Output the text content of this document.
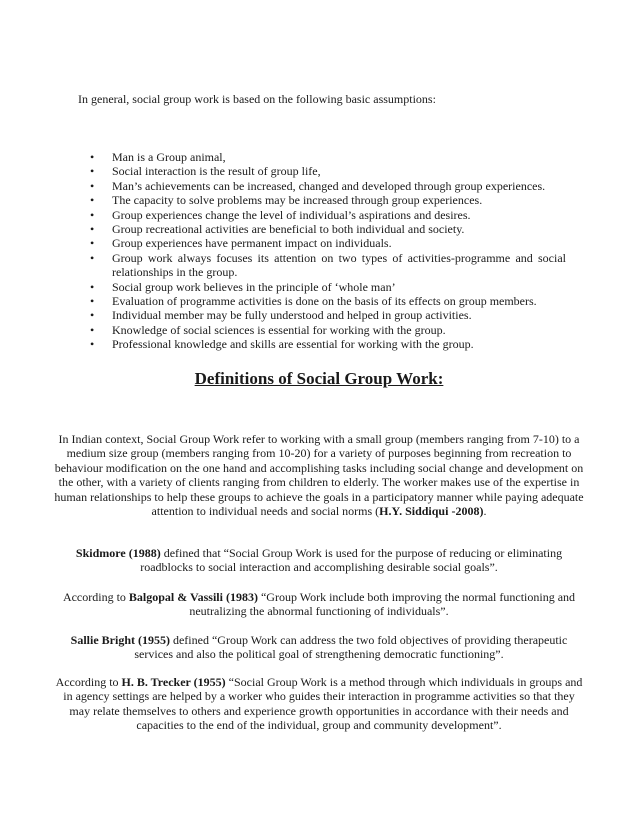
In general, social group work is based on the following basic assumptions:
•	Man is a Group animal,
•	Social interaction is the result of group life,
•	Man’s achievements can be increased, changed and developed through group experiences.
•	The capacity to solve problems may be increased through group experiences.
•	Group experiences change the level of individual’s aspirations and desires.
•	Group recreational activities are beneficial to both individual and society.
•	Group experiences have permanent impact on individuals.
•	Group work always focuses its attention on two types of activities-programme and social relationships in the group.
•	Social group work believes in the principle of ‘whole man’
•	Evaluation of programme activities is done on the basis of its effects on group members.
•	Individual member may be fully understood and helped in group activities.
•	Knowledge of social sciences is essential for working with the group.
•	Professional knowledge and skills are essential for working with the group.
Definitions of Social Group Work:

In Indian context, Social Group Work refer to working with a small group (members ranging from 7-10) to a medium size group (members ranging from 10-20) for a variety of purposes beginning from recreation to behaviour modification on the one hand and accomplishing tasks including social change and development on the other, with a variety of clients ranging from children to elderly. The worker makes use of the expertise in human relationships to help these groups to achieve the goals in a participatory manner while paying adequate attention to individual needs and social norms (H.Y. Siddiqui -2008).

Skidmore (1988) defined that “Social Group Work is used for the purpose of reducing or eliminating roadblocks to social interaction and accomplishing desirable social goals”.

According to Balgopal & Vassili (1983) “Group Work include both improving the normal functioning and neutralizing the abnormal functioning of individuals”.

Sallie Bright (1955) defined “Group Work can address the two fold objectives of providing therapeutic services and also the political goal of strengthening democratic functioning”.

According to H. B. Trecker (1955) “Social Group Work is a method through which individuals in groups and in agency settings are helped by a worker who guides their interaction in programme activities so that they may relate themselves to others and experience growth opportunities in accordance with their needs and capacities to the end of the individual, group and community development”.
